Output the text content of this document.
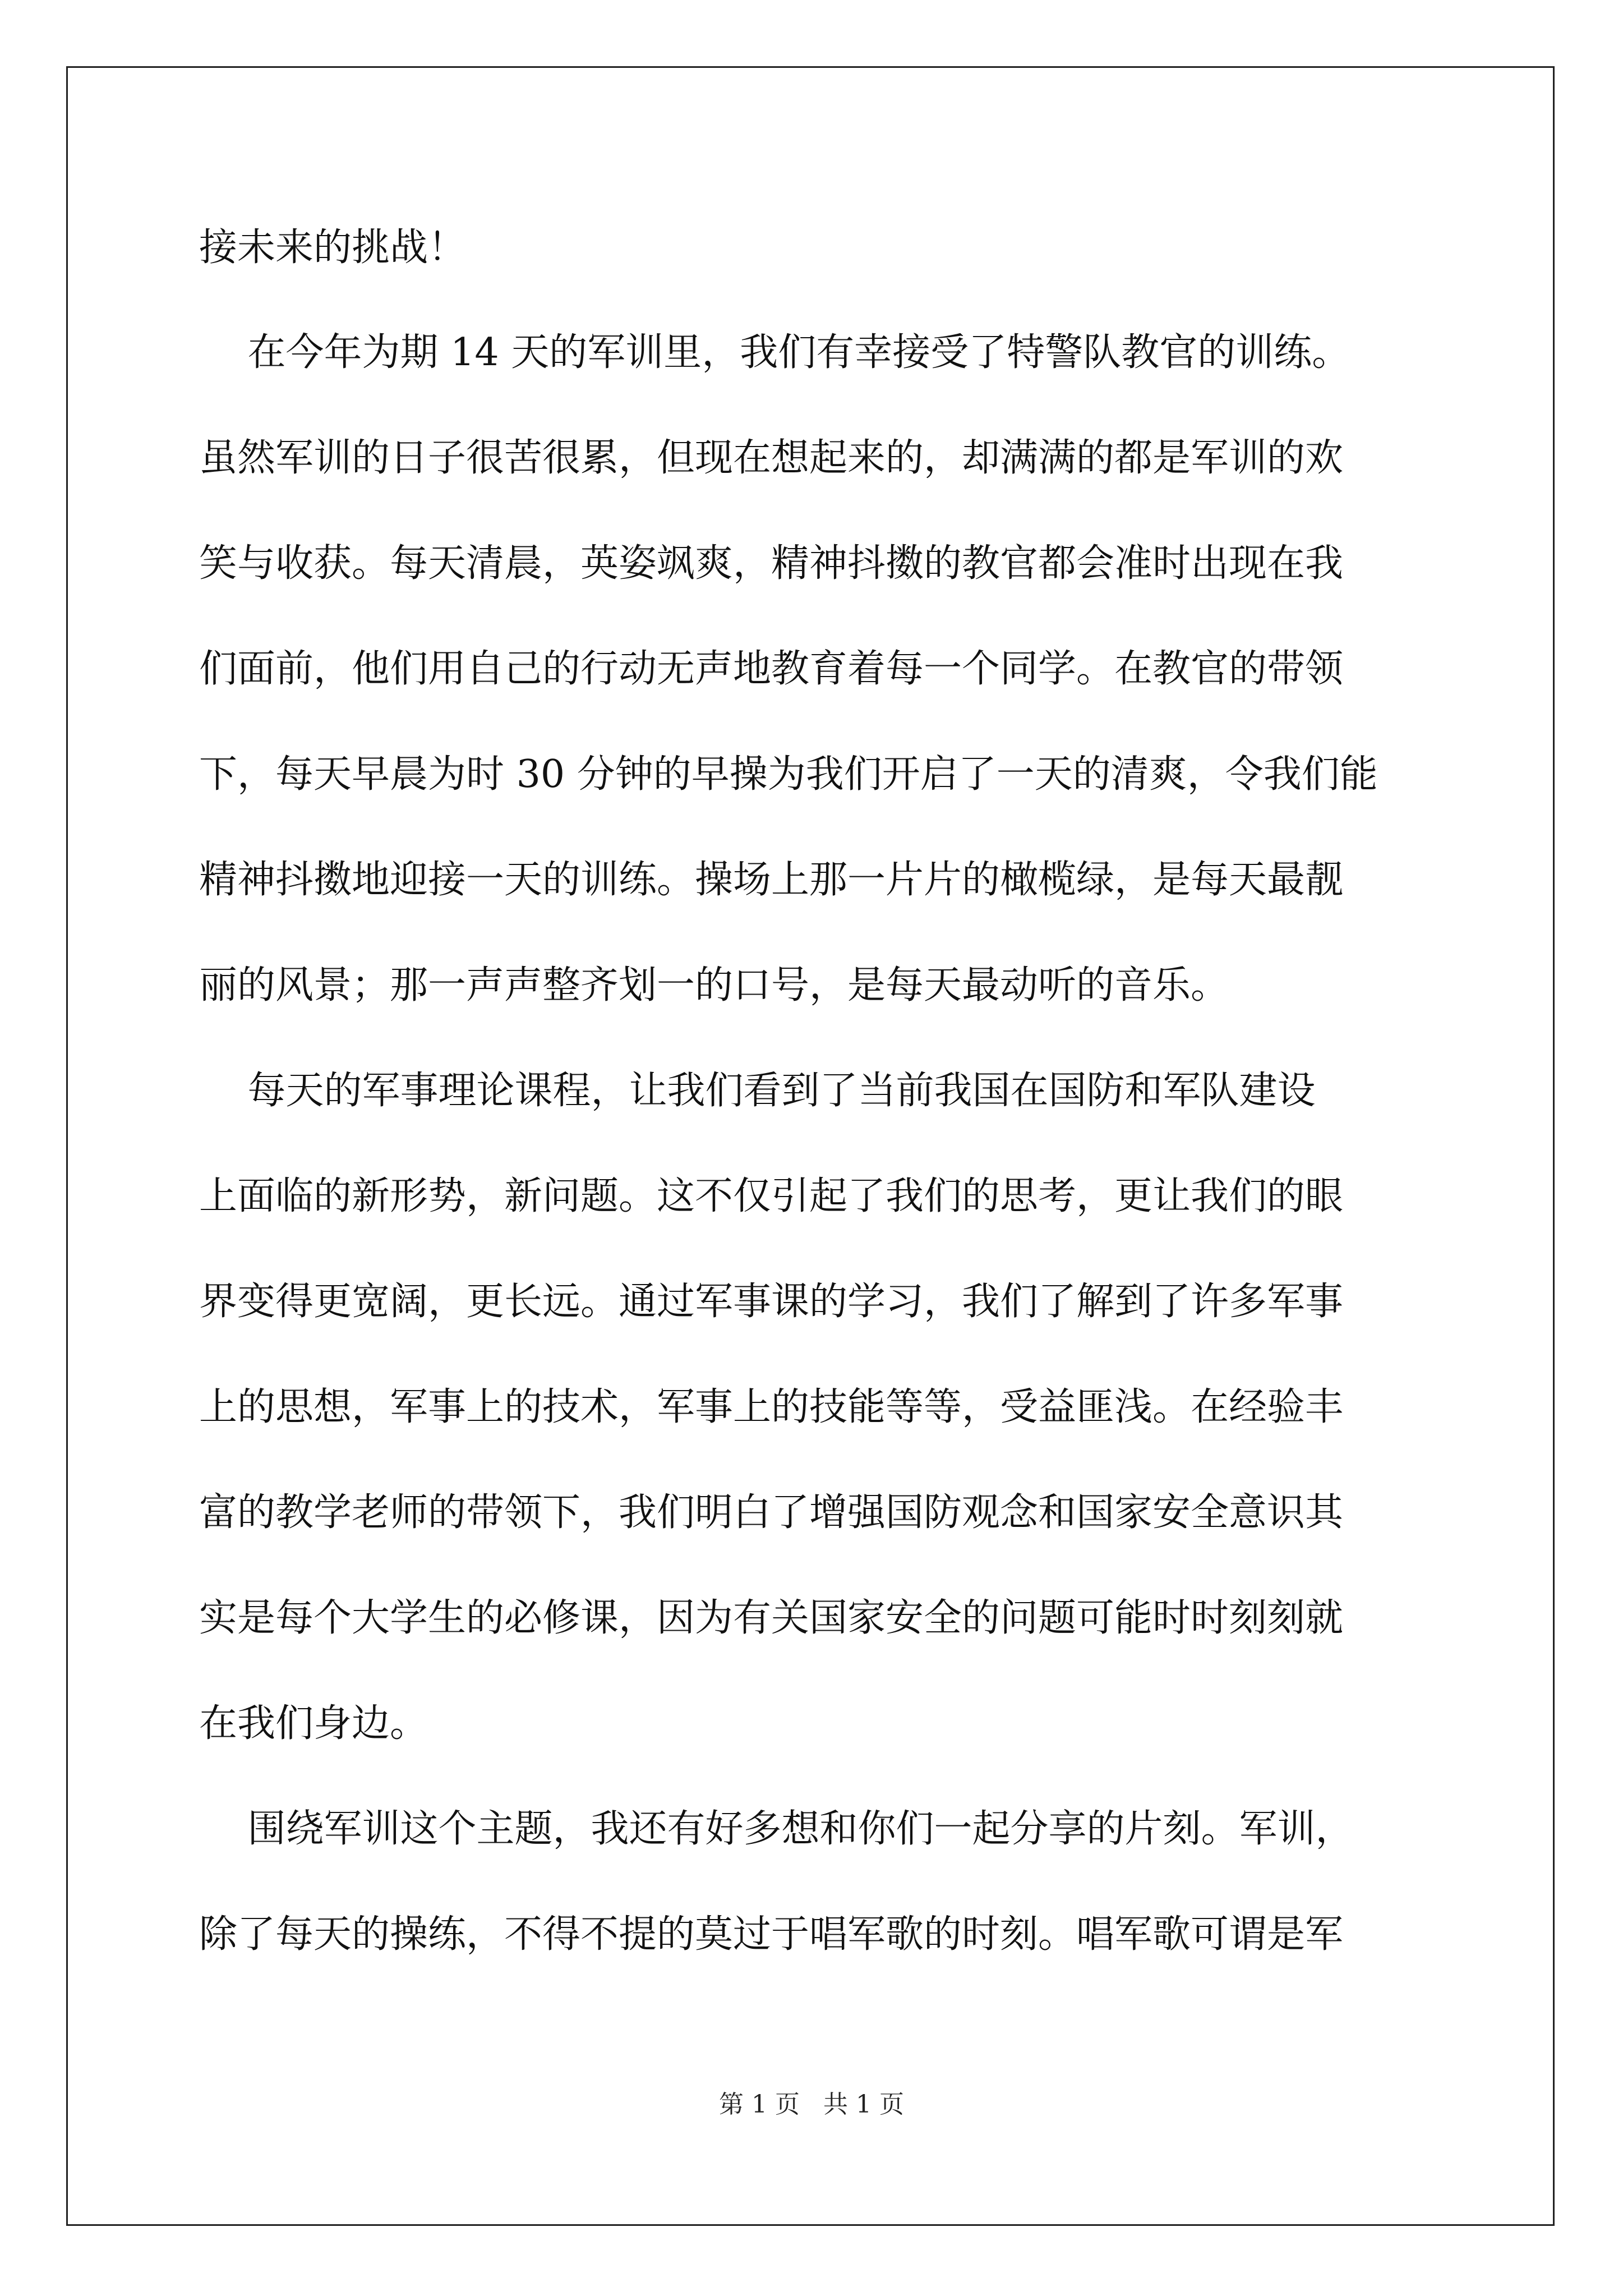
接未来的挑战！
在今年为期 14 天的军训里，我们有幸接受了特警队教官的训练。
虽然军训的日子很苦很累，但现在想起来的，却满满的都是军训的欢
笑与收获。每天清晨，英姿飒爽，精神抖擞的教官都会准时出现在我
们面前，他们用自己的行动无声地教育着每一个同学。在教官的带领
下，每天早晨为时 30 分钟的早操为我们开启了一天的清爽，令我们能
精神抖擞地迎接一天的训练。操场上那一片片的橄榄绿，是每天最靓
丽的风景；那一声声整齐划一的口号，是每天最动听的音乐。
每天的军事理论课程，让我们看到了当前我国在国防和军队建设
上面临的新形势，新问题。这不仅引起了我们的思考，更让我们的眼
界变得更宽阔，更长远。通过军事课的学习，我们了解到了许多军事
上的思想，军事上的技术，军事上的技能等等，受益匪浅。在经验丰
富的教学老师的带领下，我们明白了增强国防观念和国家安全意识其
实是每个大学生的必修课，因为有关国家安全的问题可能时时刻刻就
在我们身边。
围绕军训这个主题，我还有好多想和你们一起分享的片刻。军训，
除了每天的操练，不得不提的莫过于唱军歌的时刻。唱军歌可谓是军
第 1 页   共 1 页
